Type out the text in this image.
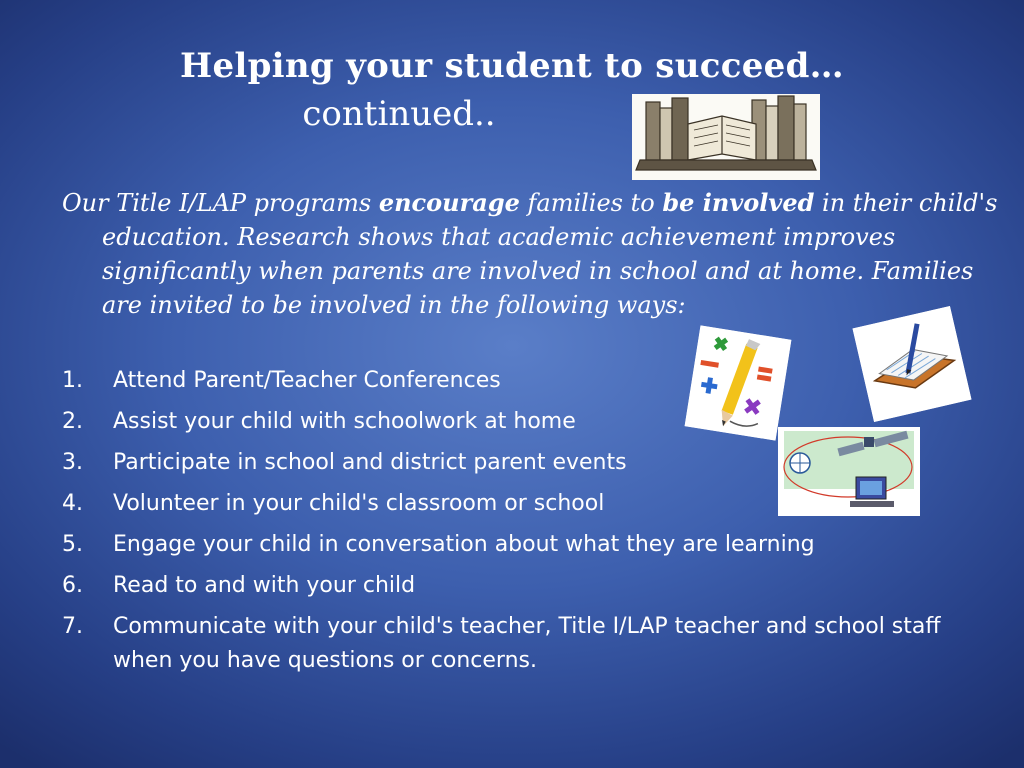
Helping your student to succeed…
continued..
Our Title I/LAP programs encourage families to be involved in their child's education. Research shows that academic achievement improves significantly when parents are involved in school and at home. Families are invited to be involved in the following ways:
1. Attend Parent/Teacher Conferences
2. Assist your child with schoolwork at home
3. Participate in school and district parent events
4. Volunteer in your child's classroom or school
5. Engage your child in conversation about what they are learning
6. Read to and with your child
7. Communicate with your child's teacher, Title I/LAP teacher and school staff when you have questions or concerns.
